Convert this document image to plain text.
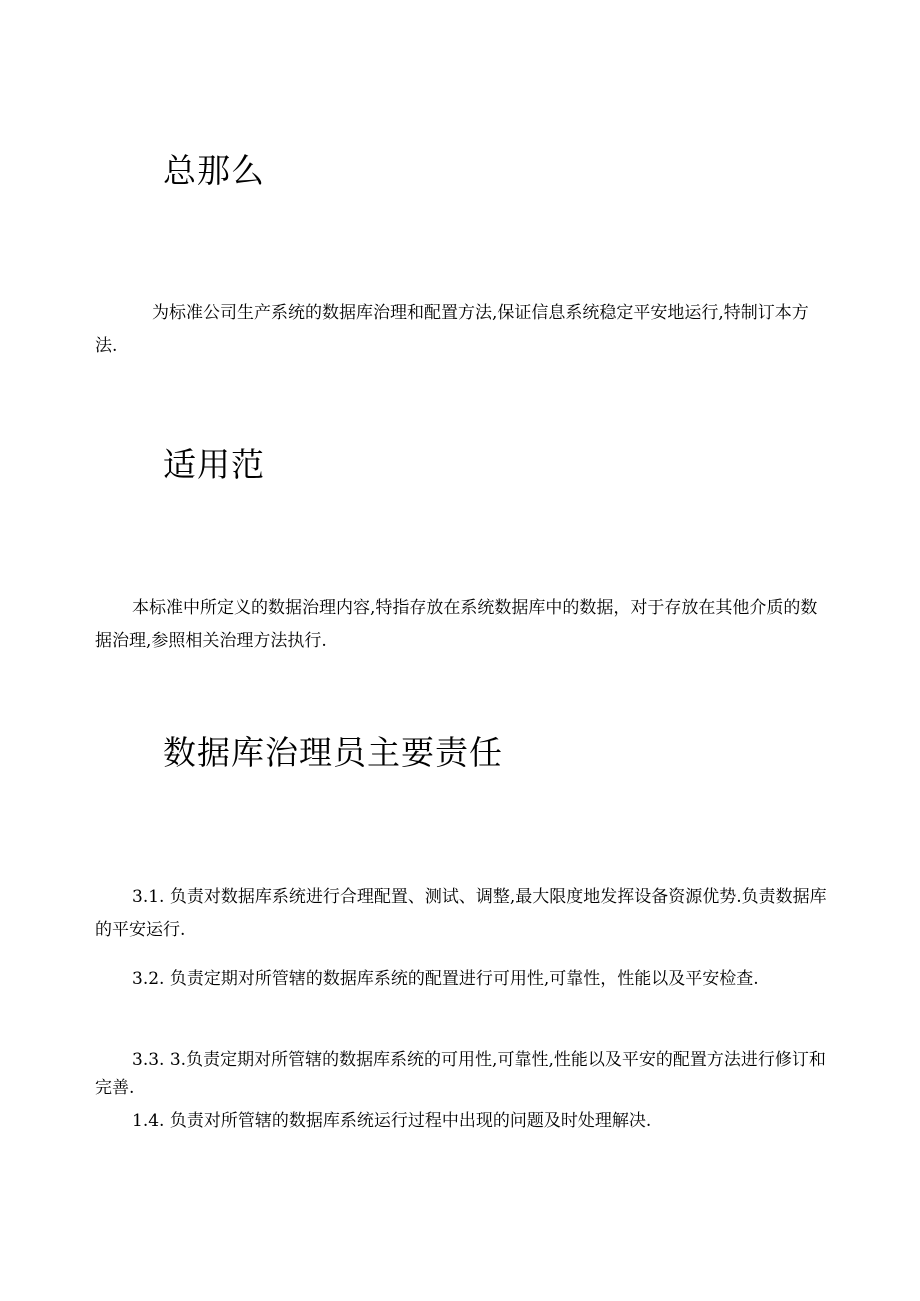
总那么

为标准公司生产系统的数据库治理和配置方法,保证信息系统稳定平安地运行,特制订本方法.

适用范

本标准中所定义的数据治理内容,特指存放在系统数据库中的数据，对于存放在其他介质的数据治理,参照相关治理方法执行.

数据库治理员主要责任

3.1. 负责对数据库系统进行合理配置、测试、调整,最大限度地发挥设备资源优势.负责数据库的平安运行.

3.2. 负责定期对所管辖的数据库系统的配置进行可用性,可靠性，性能以及平安检查.

3.3. 3.负责定期对所管辖的数据库系统的可用性,可靠性,性能以及平安的配置方法进行修订和完善.

1.4. 负责对所管辖的数据库系统运行过程中出现的问题及时处理解决.
